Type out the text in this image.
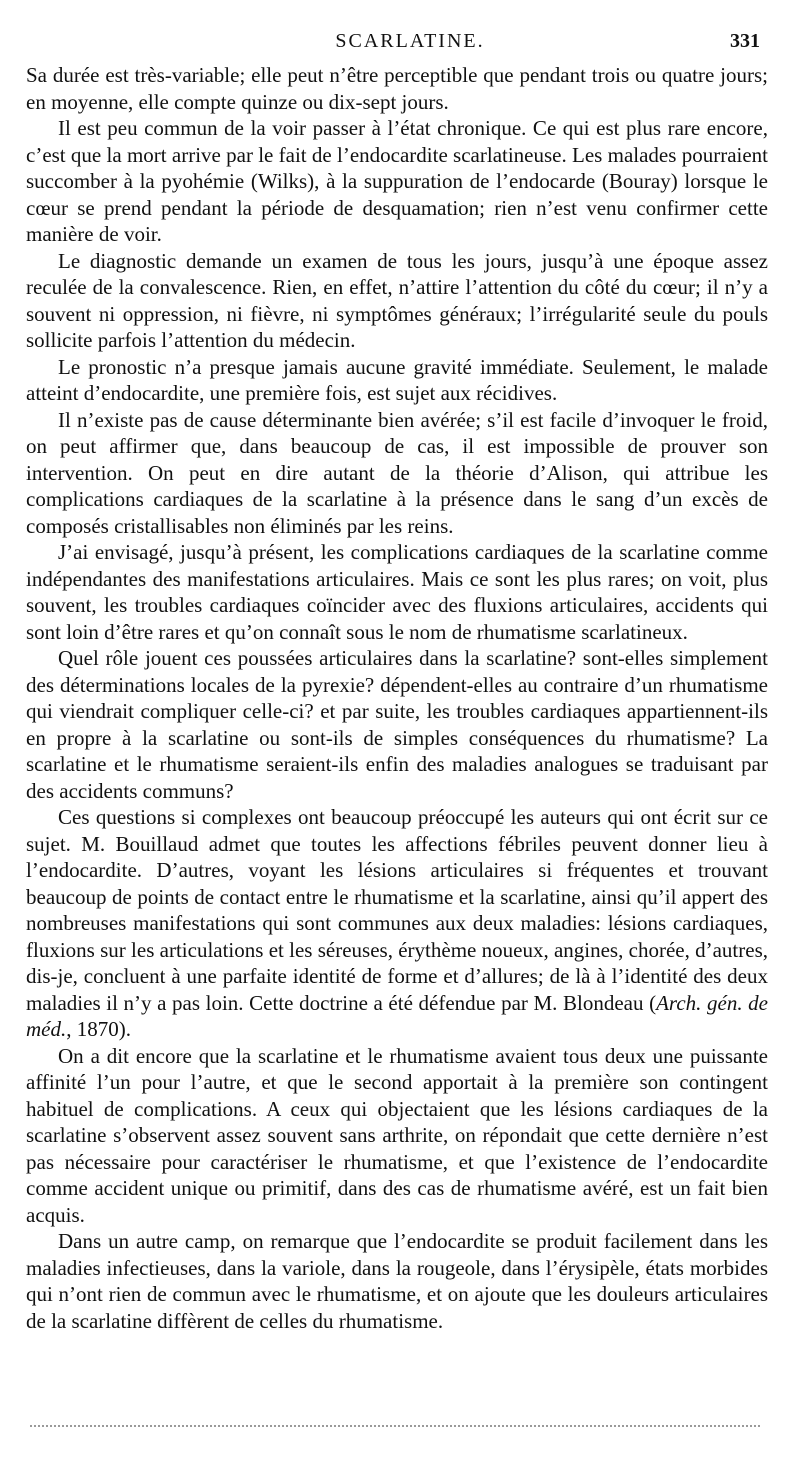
SCARLATINE.	331

Sa durée est très-variable; elle peut n’être perceptible que pendant trois ou quatre jours; en moyenne, elle compte quinze ou dix-sept jours.

Il est peu commun de la voir passer à l’état chronique. Ce qui est plus rare encore, c’est que la mort arrive par le fait de l’endocardite scarlatineuse. Les malades pourraient succomber à la pyohémie (Wilks), à la suppuration de l’endocarde (Bouray) lorsque le cœur se prend pendant la période de desquamation; rien n’est venu confirmer cette manière de voir.

Le diagnostic demande un examen de tous les jours, jusqu’à une époque assez reculée de la convalescence. Rien, en effet, n’attire l’attention du côté du cœur; il n’y a souvent ni oppression, ni fièvre, ni symptômes généraux; l’irrégularité seule du pouls sollicite parfois l’attention du médecin.

Le pronostic n’a presque jamais aucune gravité immédiate. Seulement, le malade atteint d’endocardite, une première fois, est sujet aux récidives.

Il n’existe pas de cause déterminante bien avérée; s’il est facile d’invoquer le froid, on peut affirmer que, dans beaucoup de cas, il est impossible de prouver son intervention. On peut en dire autant de la théorie d’Alison, qui attribue les complications cardiaques de la scarlatine à la présence dans le sang d’un excès de composés cristallisables non éliminés par les reins.

J’ai envisagé, jusqu’à présent, les complications cardiaques de la scarlatine comme indépendantes des manifestations articulaires. Mais ce sont les plus rares; on voit, plus souvent, les troubles cardiaques coïncider avec des fluxions articulaires, accidents qui sont loin d’être rares et qu’on connaît sous le nom de rhumatisme scarlatineux.

Quel rôle jouent ces poussées articulaires dans la scarlatine? sont-elles simplement des déterminations locales de la pyrexie? dépendent-elles au contraire d’un rhumatisme qui viendrait compliquer celle-ci? et par suite, les troubles cardiaques appartiennent-ils en propre à la scarlatine ou sont-ils de simples conséquences du rhumatisme? La scarlatine et le rhumatisme seraient-ils enfin des maladies analogues se traduisant par des accidents communs?

Ces questions si complexes ont beaucoup préoccupé les auteurs qui ont écrit sur ce sujet. M. Bouillaud admet que toutes les affections fébriles peuvent donner lieu à l’endocardite. D’autres, voyant les lésions articulaires si fréquentes et trouvant beaucoup de points de contact entre le rhumatisme et la scarlatine, ainsi qu’il appert des nombreuses manifestations qui sont communes aux deux maladies: lésions cardiaques, fluxions sur les articulations et les séreuses, érythème noueux, angines, chorée, d’autres, dis-je, concluent à une parfaite identité de forme et d’allures; de là à l’identité des deux maladies il n’y a pas loin. Cette doctrine a été défendue par M. Blondeau (Arch. gén. de méd., 1870).

On a dit encore que la scarlatine et le rhumatisme avaient tous deux une puissante affinité l’un pour l’autre, et que le second apportait à la première son contingent habituel de complications. A ceux qui objectaient que les lésions cardiaques de la scarlatine s’observent assez souvent sans arthrite, on répondait que cette dernière n’est pas nécessaire pour caractériser le rhumatisme, et que l’existence de l’endocardite comme accident unique ou primitif, dans des cas de rhumatisme avéré, est un fait bien acquis.

Dans un autre camp, on remarque que l’endocardite se produit facilement dans les maladies infectieuses, dans la variole, dans la rougeole, dans l’érysipèle, états morbides qui n’ont rien de commun avec le rhumatisme, et on ajoute que les douleurs articulaires de la scarlatine diffèrent de celles du rhumatisme.
